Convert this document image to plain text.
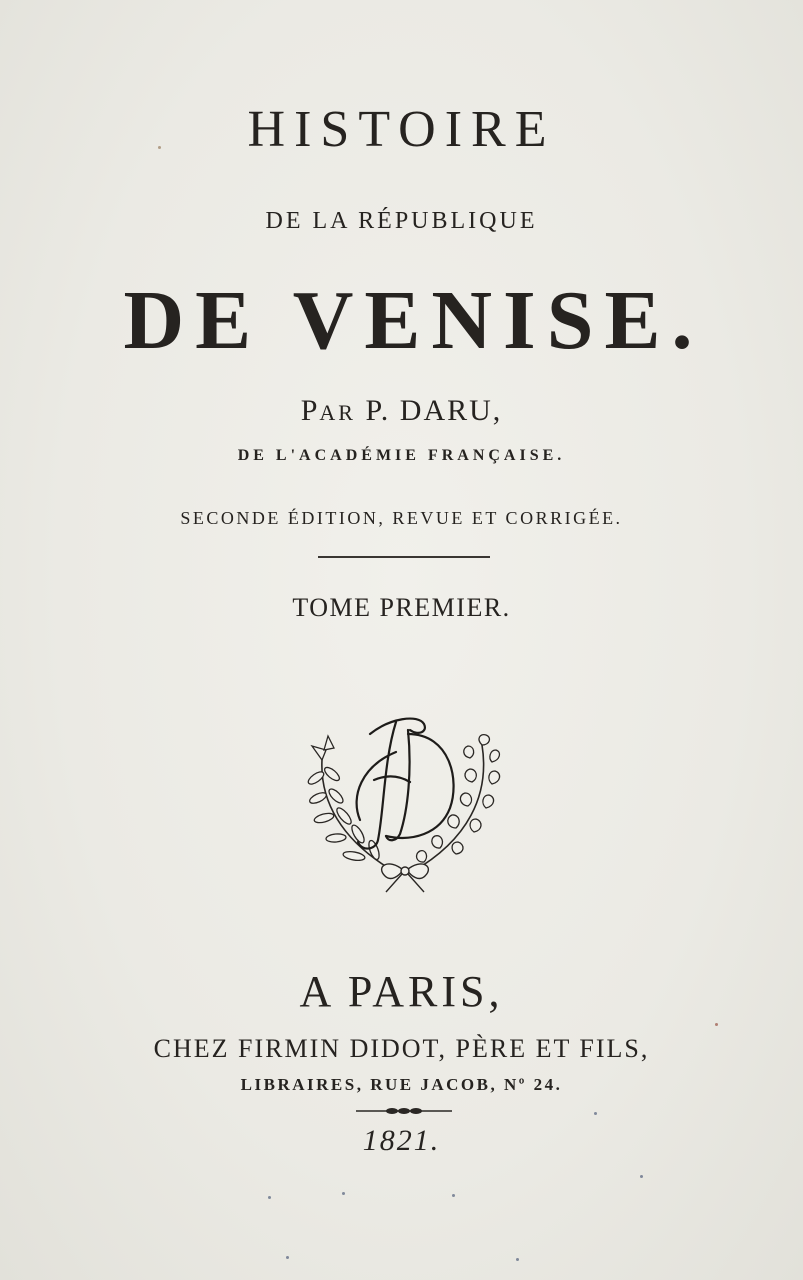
HISTOIRE
DE LA RÉPUBLIQUE
DE VENISE.
PAR P. DARU,
DE L'ACADÉMIE FRANÇAISE.
SECONDE ÉDITION, REVUE ET CORRIGÉE.
TOME PREMIER.
A PARIS,
CHEZ FIRMIN DIDOT, PÈRE ET FILS,
LIBRAIRES, RUE JACOB, Nº 24.
1821.
